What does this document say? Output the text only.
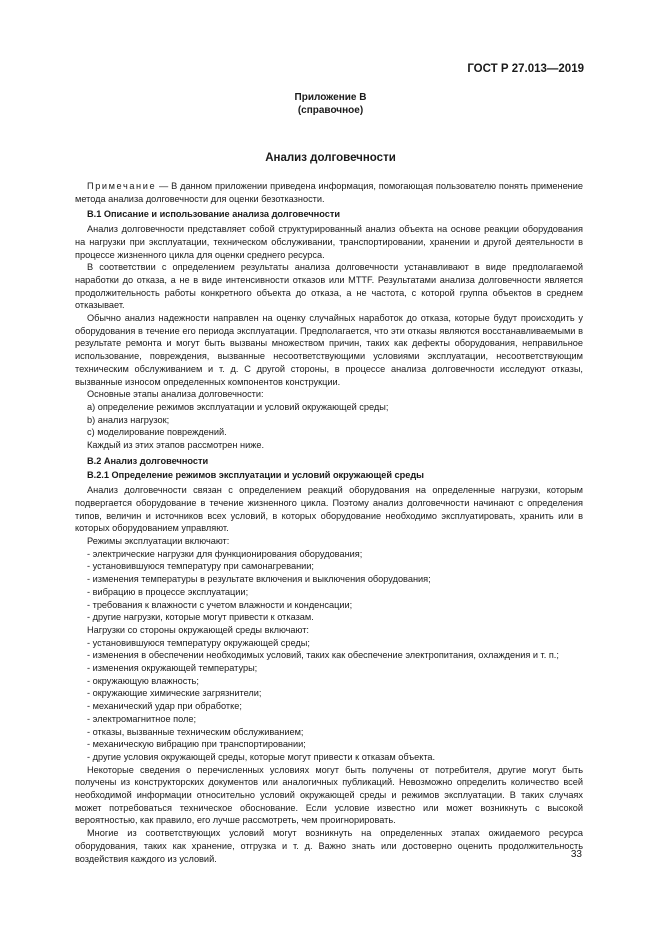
ГОСТ Р 27.013—2019
Приложение В
(справочное)
Анализ долговечности

Примечание — В данном приложении приведена информация, помогающая пользователю понять применение метода анализа долговечности для оценки безотказности.

В.1 Описание и использование анализа долговечности

Анализ долговечности представляет собой структурированный анализ объекта на основе реакции оборудования на нагрузки при эксплуатации, техническом обслуживании, транспортировании, хранении и другой деятельности в процессе жизненного цикла для оценки среднего ресурса.

В соответствии с определением результаты анализа долговечности устанавливают в виде предполагаемой наработки до отказа, а не в виде интенсивности отказов или MTTF. Результатами анализа долговечности является продолжительность работы конкретного объекта до отказа, а не частота, с которой группа объектов в среднем отказывает.

Обычно анализ надежности направлен на оценку случайных наработок до отказа, которые будут происходить у оборудования в течение его периода эксплуатации. Предполагается, что эти отказы являются восстанавливаемыми в результате ремонта и могут быть вызваны множеством причин, таких как дефекты оборудования, неправильное использование, повреждения, вызванные несоответствующими условиями эксплуатации, несоответствующим техническим обслуживанием и т. д. С другой стороны, в процессе анализа долговечности исследуют отказы, вызванные износом определенных компонентов конструкции.

Основные этапы анализа долговечности:

a) определение режимов эксплуатации и условий окружающей среды;

b) анализ нагрузок;

c) моделирование повреждений.

Каждый из этих этапов рассмотрен ниже.

В.2 Анализ долговечности
В.2.1 Определение режимов эксплуатации и условий окружающей среды

Анализ долговечности связан с определением реакций оборудования на определенные нагрузки, которым подвергается оборудование в течение жизненного цикла. Поэтому анализ долговечности начинают с определения типов, величин и источников всех условий, в которых оборудование необходимо эксплуатировать, хранить или в которых оборудованием управляют.

Режимы эксплуатации включают:

- электрические нагрузки для функционирования оборудования;

- установившуюся температуру при самонагревании;

- изменения температуры в результате включения и выключения оборудования;

- вибрацию в процессе эксплуатации;

- требования к влажности с учетом влажности и конденсации;

- другие нагрузки, которые могут привести к отказам.

Нагрузки со стороны окружающей среды включают:

- установившуюся температуру окружающей среды;

- изменения в обеспечении необходимых условий, таких как обеспечение электропитания, охлаждения и т. п.;

- изменения окружающей температуры;

- окружающую влажность;

- окружающие химические загрязнители;

- механический удар при обработке;

- электромагнитное поле;

- отказы, вызванные техническим обслуживанием;

- механическую вибрацию при транспортировании;

- другие условия окружающей среды, которые могут привести к отказам объекта.

Некоторые сведения о перечисленных условиях могут быть получены от потребителя, другие могут быть получены из конструкторских документов или аналогичных публикаций. Невозможно определить количество всей необходимой информации относительно условий окружающей среды и режимов эксплуатации. В таких случаях может потребоваться техническое обоснование. Если условие известно или может возникнуть с высокой вероятностью, как правило, его лучше рассмотреть, чем проигнорировать.

Многие из соответствующих условий могут возникнуть на определенных этапах ожидаемого ресурса оборудования, таких как хранение, отгрузка и т. д. Важно знать или достоверно оценить продолжительность воздействия каждого из условий.	33
